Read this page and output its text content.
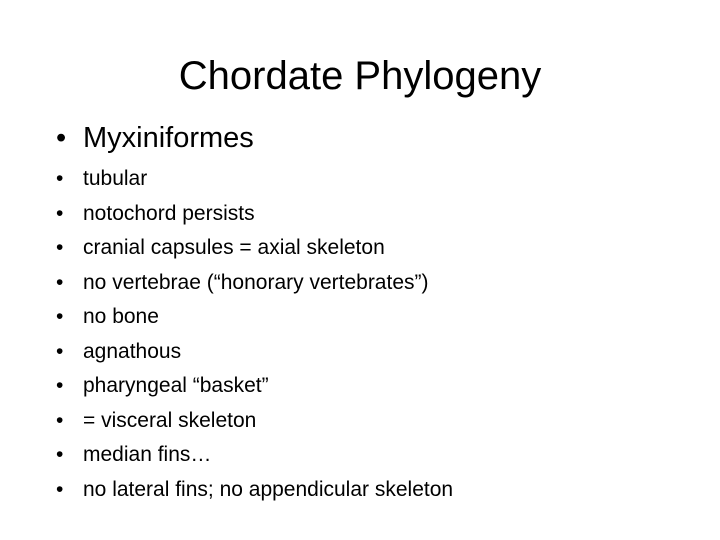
Chordate Phylogeny
• Myxiniformes
• tubular
• notochord persists
• cranial capsules = axial skeleton
• no vertebrae (“honorary vertebrates”)
• no bone
• agnathous
• pharyngeal “basket”
• = visceral skeleton
• median fins…
• no lateral fins; no appendicular skeleton
